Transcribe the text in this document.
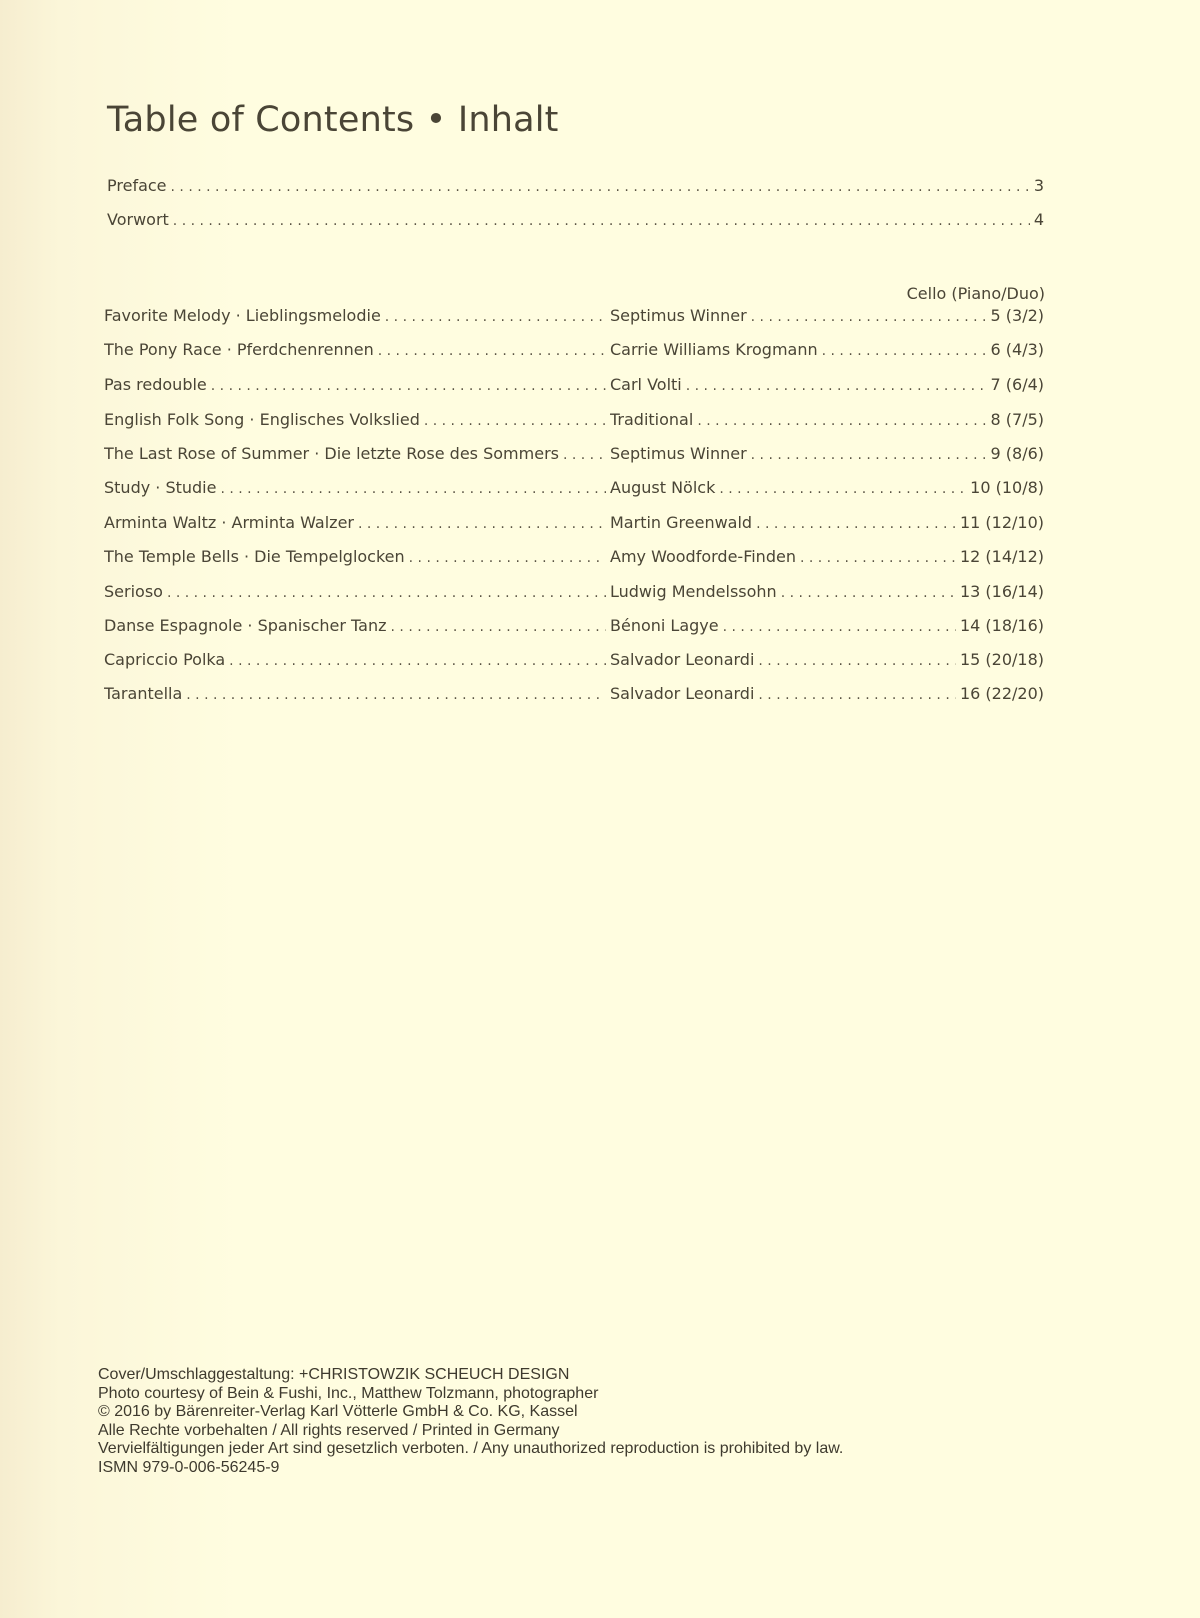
Table of Contents • Inhalt
Preface . . .	3
Vorwort . . .	4
Cello (Piano/Duo)
Favorite Melody · Lieblingsmelodie . . .	Septimus Winner . . .	5 (3/2)
The Pony Race · Pferdchenrennen . . .	Carrie Williams Krogmann . . .	6 (4/3)
Pas redouble . . .	Carl Volti . . .	7 (6/4)
English Folk Song · Englisches Volkslied . . .	Traditional . . .	8 (7/5)
The Last Rose of Summer · Die letzte Rose des Sommers . . .	Septimus Winner . . .	9 (8/6)
Study · Studie . . .	August Nölck . . .	10 (10/8)
Arminta Waltz · Arminta Walzer . . .	Martin Greenwald . . .	11 (12/10)
The Temple Bells · Die Tempelglocken . . .	Amy Woodforde-Finden . . .	12 (14/12)
Serioso . . .	Ludwig Mendelssohn . . .	13 (16/14)
Danse Espagnole · Spanischer Tanz . . .	Bénoni Lagye . . .	14 (18/16)
Capriccio Polka . . .	Salvador Leonardi . . .	15 (20/18)
Tarantella . . .	Salvador Leonardi . . .	16 (22/20)
Cover/Umschlaggestaltung: +CHRISTOWZIK SCHEUCH DESIGN
Photo courtesy of Bein & Fushi, Inc., Matthew Tolzmann, photographer
© 2016 by Bärenreiter-Verlag Karl Vötterle GmbH & Co. KG, Kassel
Alle Rechte vorbehalten / All rights reserved / Printed in Germany
Vervielfältigungen jeder Art sind gesetzlich verboten. / Any unauthorized reproduction is prohibited by law.
ISMN 979-0-006-56245-9
